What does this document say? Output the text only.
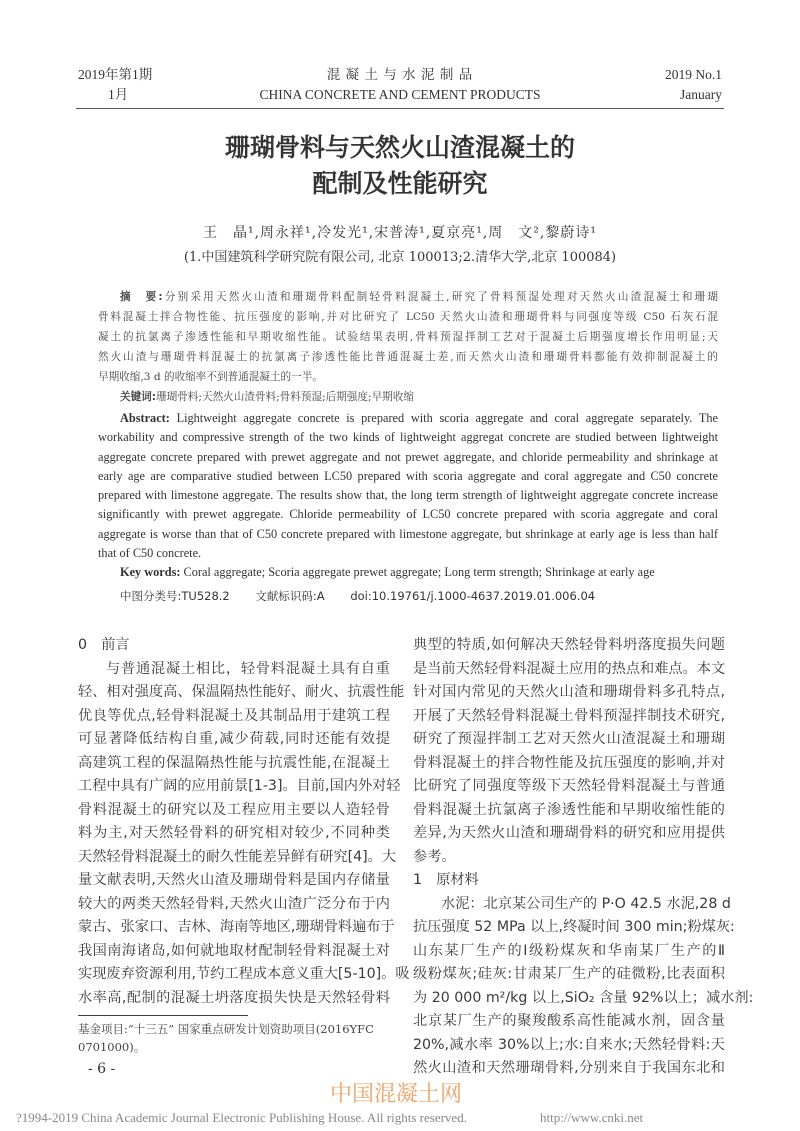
2019年第1期
1月
混 凝 土 与 水 泥 制 品
CHINA CONCRETE AND CEMENT PRODUCTS
2019 No.1
January
珊瑚骨料与天然火山渣混凝土的
配制及性能研究
王　晶¹,周永祥¹,冷发光¹,宋普涛¹,夏京亮¹,周　文²,黎蔚诗¹
(1.中国建筑科学研究院有限公司, 北京 100013;2.清华大学,北京 100084)
摘　要:分别采用天然火山渣和珊瑚骨料配制轻骨料混凝土,研究了骨料预湿处理对天然火山渣混凝土和珊瑚
骨料混凝土拌合物性能、抗压强度的影响,并对比研究了 LC50 天然火山渣和珊瑚骨料与同强度等级 C50 石灰石混
凝土的抗氯离子渗透性能和早期收缩性能。试验结果表明,骨料预湿拌制工艺对于混凝土后期强度增长作用明显;天
然火山渣与珊瑚骨料混凝土的抗氯离子渗透性能比普通混凝土差,而天然火山渣和珊瑚骨料都能有效抑制混凝土的
早期收缩,3 d 的收缩率不到普通混凝土的一半。
关键词:珊瑚骨料;天然火山渣骨料;骨料预湿;后期强度;早期收缩
Abstract: Lightweight aggregate concrete is prepared with scoria aggregate and coral aggregate separately. The
workability and compressive strength of the two kinds of lightweight aggregat concrete are studied between lightweight
aggregate concrete prepared with prewet aggregate and not prewet aggregate, and chloride permeability and shrinkage at
early age are comparative studied between LC50 prepared with scoria aggregate and coral aggregate and C50 concrete
prepared with limestone aggregate. The results show that, the long term strength of lightweight aggregate concrete increase
significantly with prewet aggregate. Chloride permeability of LC50 concrete prepared with scoria aggregate and coral
aggregate is worse than that of C50 concrete prepared with limestone aggregate, but shrinkage at early age is less than half
that of C50 concrete.
Key words: Coral aggregate; Scoria aggregate prewet aggregate; Long term strength; Shrinkage at early age
中图分类号:TU528.2 文献标识码:A doi:10.19761/j.1000-4637.2019.01.006.04
0　前言
与普通混凝土相比，轻骨料混凝土具有自重
轻、相对强度高、保温隔热性能好、耐火、抗震性能
优良等优点,轻骨料混凝土及其制品用于建筑工程
可显著降低结构自重,减少荷载,同时还能有效提
高建筑工程的保温隔热性能与抗震性能,在混凝土
工程中具有广阔的应用前景[1-3]。目前,国内外对轻
骨料混凝土的研究以及工程应用主要以人造轻骨
料为主,对天然轻骨料的研究相对较少,不同种类
天然轻骨料混凝土的耐久性能差异鲜有研究[4]。大
量文献表明,天然火山渣及珊瑚骨料是国内存储量
较大的两类天然轻骨料,天然火山渣广泛分布于内
蒙古、张家口、吉林、海南等地区,珊瑚骨料遍布于
我国南海诸岛,如何就地取材配制轻骨料混凝土对
实现废弃资源利用,节约工程成本意义重大[5-10]。吸
水率高,配制的混凝土坍落度损失快是天然轻骨料
典型的特质,如何解决天然轻骨料坍落度损失问题
是当前天然轻骨料混凝土应用的热点和难点。本文
针对国内常见的天然火山渣和珊瑚骨料多孔特点,
开展了天然轻骨料混凝土骨料预湿拌制技术研究,
研究了预湿拌制工艺对天然火山渣混凝土和珊瑚
骨料混凝土的拌合物性能及抗压强度的影响,并对
比研究了同强度等级下天然轻骨料混凝土与普通
骨料混凝土抗氯离子渗透性能和早期收缩性能的
差异,为天然火山渣和珊瑚骨料的研究和应用提供
参考。
1　原材料
水泥：北京某公司生产的 P·O 42.5 水泥,28 d
抗压强度 52 MPa 以上,终凝时间 300 min;粉煤灰:
山东某厂生产的Ⅰ级粉煤灰和华南某厂生产的Ⅱ
级粉煤灰;硅灰:甘肃某厂生产的硅微粉,比表面积
为 20 000 m²/kg 以上,SiO₂ 含量 92%以上；减水剂:
北京某厂生产的聚羧酸系高性能减水剂，固含量
20%,减水率 30%以上;水:自来水;天然轻骨料:天
然火山渣和天然珊瑚骨料,分别来自于我国东北和
基金项目:“十三五” 国家重点研发计划资助项目(2016YFC
0701000)。
- 6 -
中国混凝土网
?1994-2019 China Academic Journal Electronic Publishing House. All rights reserved.	http://www.cnki.net
